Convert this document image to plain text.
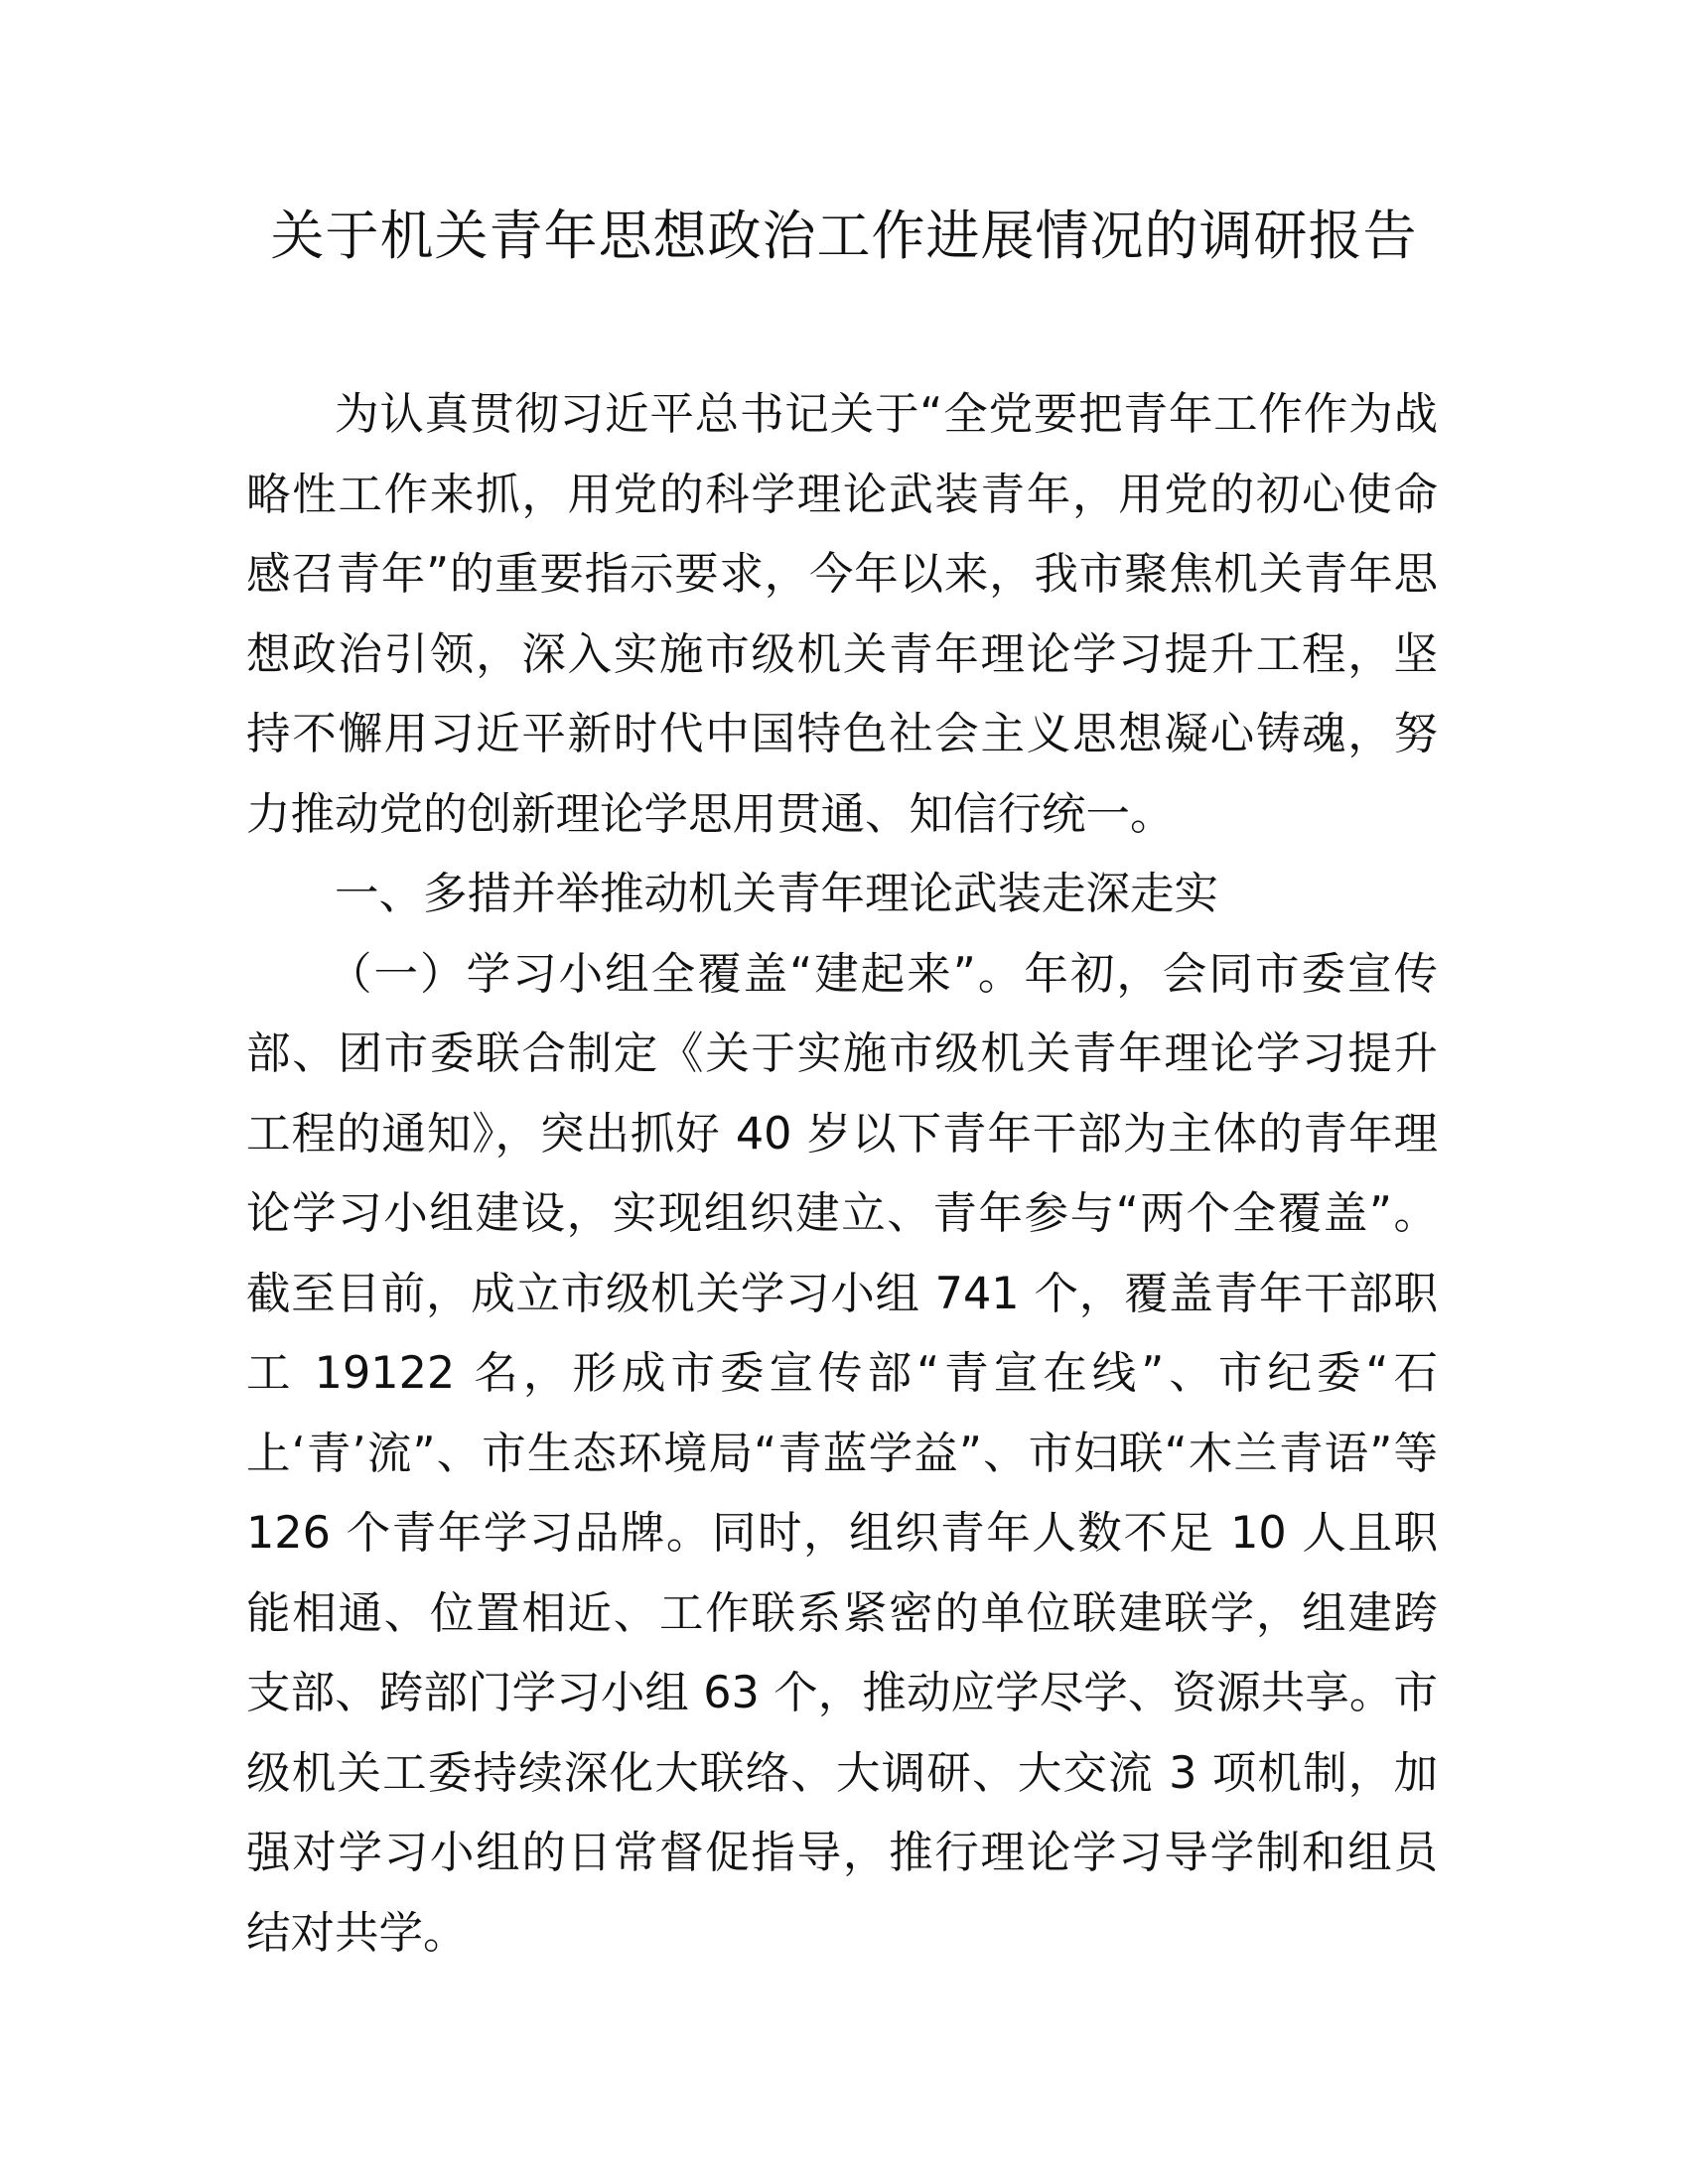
关于机关青年思想政治工作进展情况的调研报告

为认真贯彻习近平总书记关于“全党要把青年工作作为战略性工作来抓，用党的科学理论武装青年，用党的初心使命感召青年”的重要指示要求，今年以来，我市聚焦机关青年思想政治引领，深入实施市级机关青年理论学习提升工程，坚持不懈用习近平新时代中国特色社会主义思想凝心铸魂，努力推动党的创新理论学思用贯通、知信行统一。

一、多措并举推动机关青年理论武装走深走实

（一）学习小组全覆盖“建起来”。年初，会同市委宣传部、团市委联合制定《关于实施市级机关青年理论学习提升工程的通知》，突出抓好 40 岁以下青年干部为主体的青年理论学习小组建设，实现组织建立、青年参与“两个全覆盖”。截至目前，成立市级机关学习小组 741 个，覆盖青年干部职工 19122 名，形成市委宣传部“青宣在线”、市纪委“石上‘青’流”、市生态环境局“青蓝学益”、市妇联“木兰青语”等 126 个青年学习品牌。同时，组织青年人数不足 10 人且职能相通、位置相近、工作联系紧密的单位联建联学，组建跨支部、跨部门学习小组 63 个，推动应学尽学、资源共享。市级机关工委持续深化大联络、大调研、大交流 3 项机制，加强对学习小组的日常督促指导，推行理论学习导学制和组员结对共学。
